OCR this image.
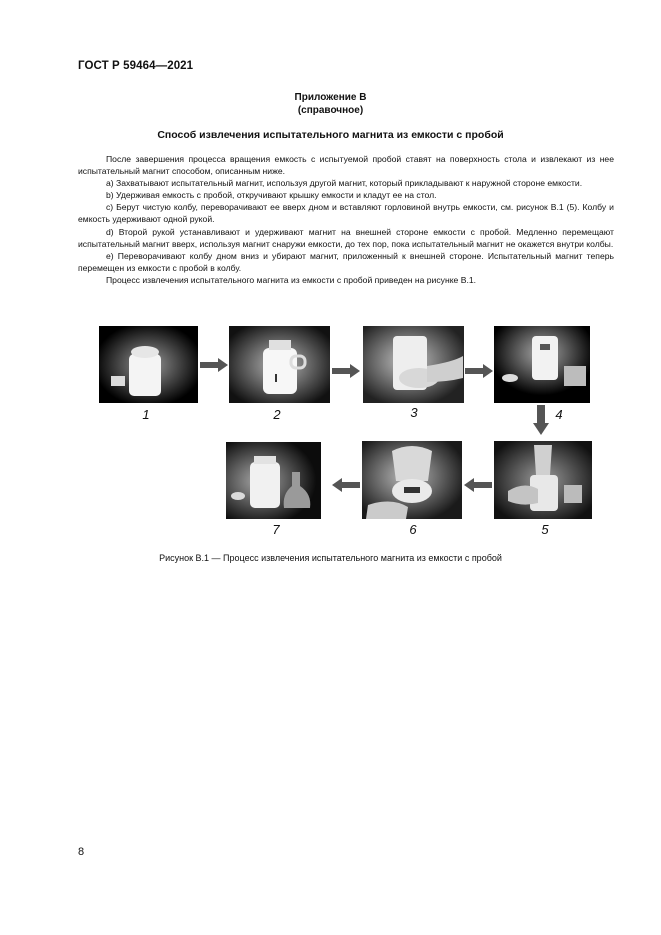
ГОСТ Р 59464—2021
Приложение В
(справочное)
Способ извлечения испытательного магнита из емкости с пробой

После завершения процесса вращения емкость с испытуемой пробой ставят на поверхность стола и извлекают из нее испытательный магнит способом, описанным ниже.

а) Захватывают испытательный магнит, используя другой магнит, который прикладывают к наружной стороне емкости.

b) Удерживая емкость с пробой, откручивают крышку емкости и кладут ее на стол.

c) Берут чистую колбу, переворачивают ее вверх дном и вставляют горловиной внутрь емкости, см. рисунок В.1 (5). Колбу и емкость удерживают одной рукой.

d) Второй рукой устанавливают и удерживают магнит на внешней стороне емкости с пробой. Медленно перемещают испытательный магнит вверх, используя магнит снаружи емкости, до тех пор, пока испытательный магнит не окажется внутри колбы.

е) Переворачивают колбу дном вниз и убирают магнит, приложенный к внешней стороне. Испытательный магнит теперь перемещен из емкости с пробой в колбу.

Процесс извлечения испытательного магнита из емкости с пробой приведен на рисунке В.1.

1	2	3	4
5
6
7
Рисунок В.1 — Процесс извлечения испытательного магнита из емкости с пробой
8
